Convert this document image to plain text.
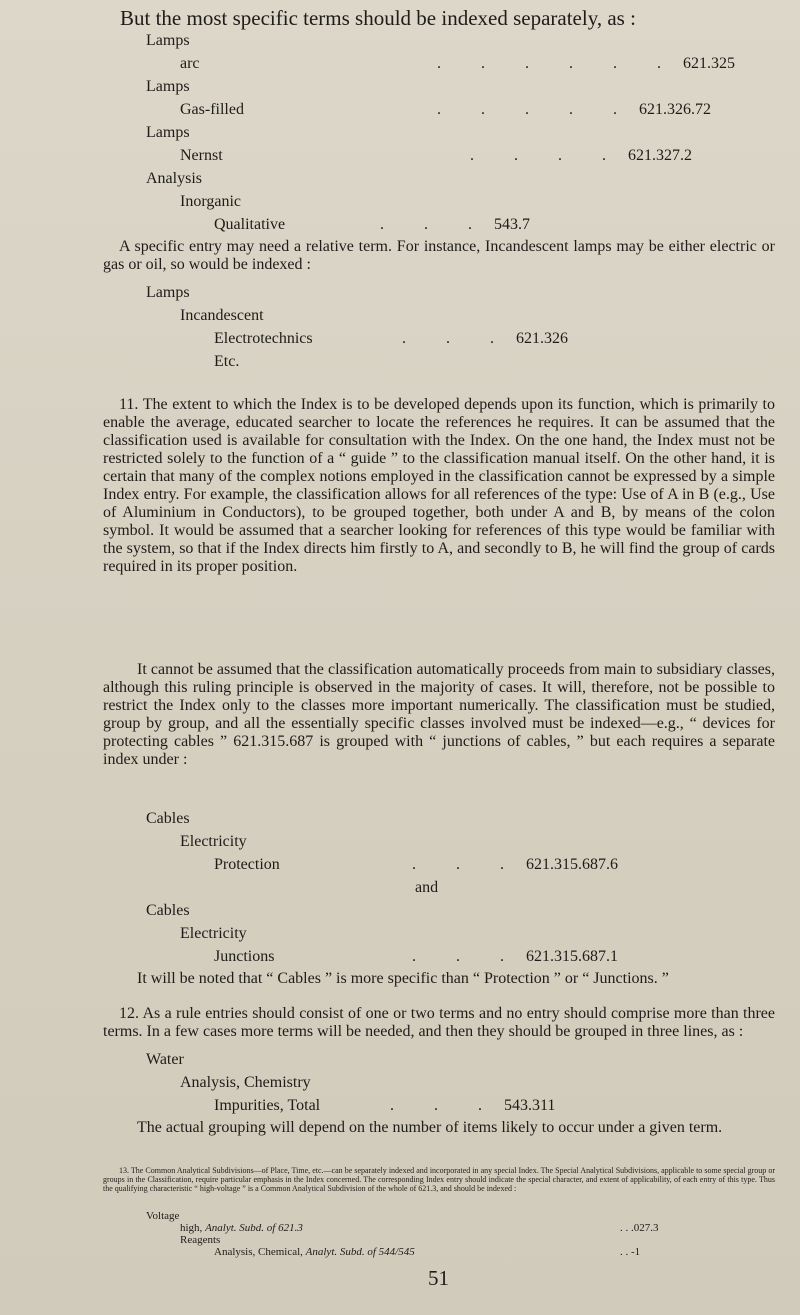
But the most specific terms should be indexed separately, as :
Lamps
arc	. . . . . . 621.325
Lamps
Gas-filled	. . . . . 621.326.72
Lamps
Nernst	. . . . 621.327.2
Analysis
Inorganic
Qualitative	. . . 543.7
A specific entry may need a relative term. For instance, Incandescent lamps may be either electric or gas or oil, so would be indexed :
Lamps
Incandescent
Electrotechnics	. . . 621.326
Etc.
11. The extent to which the Index is to be developed depends upon its function, which is primarily to enable the average, educated searcher to locate the references he requires. It can be assumed that the classification used is available for consultation with the Index. On the one hand, the Index must not be restricted solely to the function of a “ guide ” to the classification manual itself. On the other hand, it is certain that many of the complex notions employed in the classification cannot be expressed by a simple Index entry. For example, the classification allows for all references of the type: Use of A in B (e.g., Use of Aluminium in Conductors), to be grouped together, both under A and B, by means of the colon symbol. It would be assumed that a searcher looking for references of this type would be familiar with the system, so that if the Index directs him firstly to A, and secondly to B, he will find the group of cards required in its proper position.
It cannot be assumed that the classification automatically proceeds from main to subsidiary classes, although this ruling principle is observed in the majority of cases. It will, therefore, not be possible to restrict the Index only to the classes more important numerically. The classification must be studied, group by group, and all the essentially specific classes involved must be indexed—e.g., “ devices for protecting cables ” 621.315.687 is grouped with “ junctions of cables, ” but each requires a separate index under :
Cables
Electricity
Protection	. . . 621.315.687.6
and
Cables
Electricity
Junctions	. . . 621.315.687.1
It will be noted that “ Cables ” is more specific than “ Protection ” or “ Junctions. ”
12. As a rule entries should consist of one or two terms and no entry should comprise more than three terms. In a few cases more terms will be needed, and then they should be grouped in three lines, as :
Water
Analysis, Chemistry
Impurities, Total	. . . 543.311
The actual grouping will depend on the number of items likely to occur under a given term.
13. The Common Analytical Subdivisions—of Place, Time, etc.—can be separately indexed and incorporated in any special Index. The Special Analytical Subdivisions, applicable to some special group or groups in the Classification, require particular emphasis in the Index concerned. The corresponding Index entry should indicate the special character, and extent of applicability, of each entry of this type. Thus the qualifying characteristic “ high-voltage ” is a Common Analytical Subdivision of the whole of 621.3, and should be indexed :
51
Voltage
high, Analyt. Subd. of 621.3	. . .027.3
Reagents
Analysis, Chemical, Analyt. Subd. of 544/545	. . -1
